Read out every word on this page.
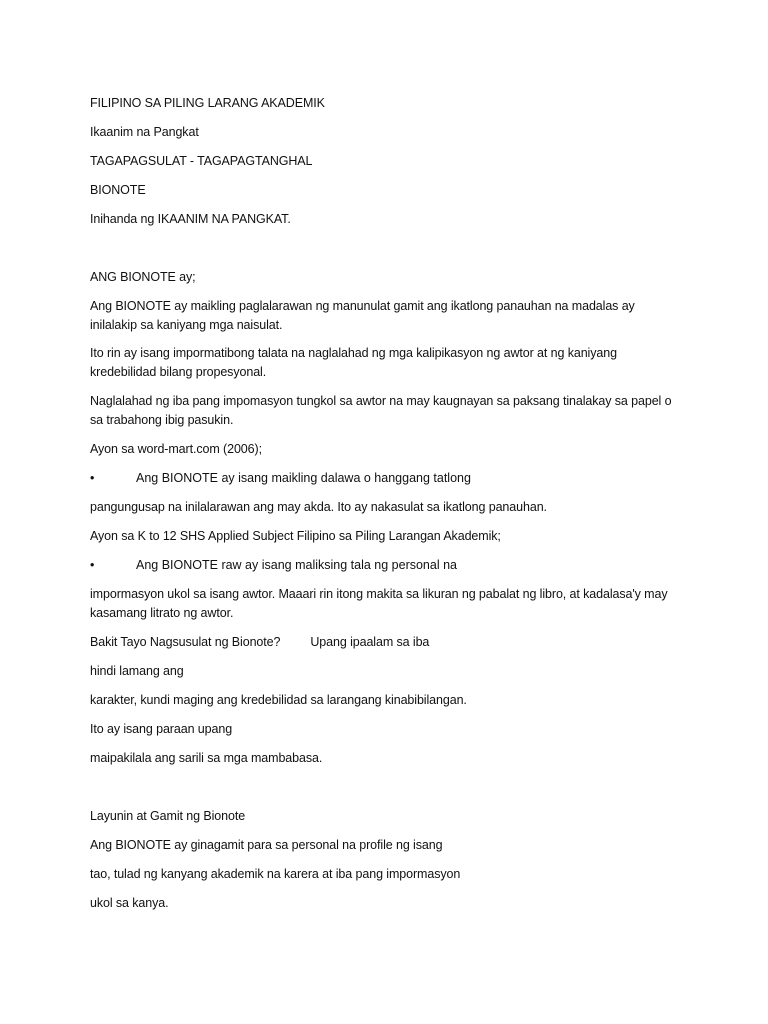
FILIPINO SA PILING LARANG AKADEMIK
Ikaanim na Pangkat
TAGAPAGSULAT - TAGAPAGTANGHAL
BIONOTE
Inihanda ng IKAANIM NA PANGKAT.
ANG BIONOTE ay;
Ang BIONOTE ay maikling paglalarawan ng manunulat gamit ang ikatlong panauhan na madalas ay inilalakip sa kaniyang mga naisulat.
Ito rin ay isang impormatibong talata na naglalahad ng mga kalipikasyon ng awtor at ng kaniyang kredebilidad bilang propesyonal.
Naglalahad ng iba pang impomasyon tungkol sa awtor na may kaugnayan sa paksang tinalakay sa papel o sa trabahong ibig pasukin.
Ayon sa word-mart.com (2006);
•	Ang BIONOTE ay isang maikling dalawa o hanggang tatlong
pangungusap na inilalarawan ang may akda. Ito ay nakasulat sa ikatlong panauhan.
Ayon sa K to 12 SHS Applied Subject Filipino sa Piling Larangan Akademik;
•	Ang BIONOTE raw ay isang maliksing tala ng personal na
impormasyon ukol sa isang awtor. Maaari rin itong makita sa likuran ng pabalat ng libro, at kadalasa'y may kasamang litrato ng awtor.
Bakit Tayo Nagsusulat ng Bionote? Upang ipaalam sa iba
hindi lamang ang
karakter, kundi maging ang kredebilidad sa larangang kinabibilangan.
Ito ay isang paraan upang
maipakilala ang sarili sa mga mambabasa.
Layunin at Gamit ng Bionote
Ang BIONOTE ay ginagamit para sa personal na profile ng isang
tao, tulad ng kanyang akademik na karera at iba pang impormasyon
ukol sa kanya.
